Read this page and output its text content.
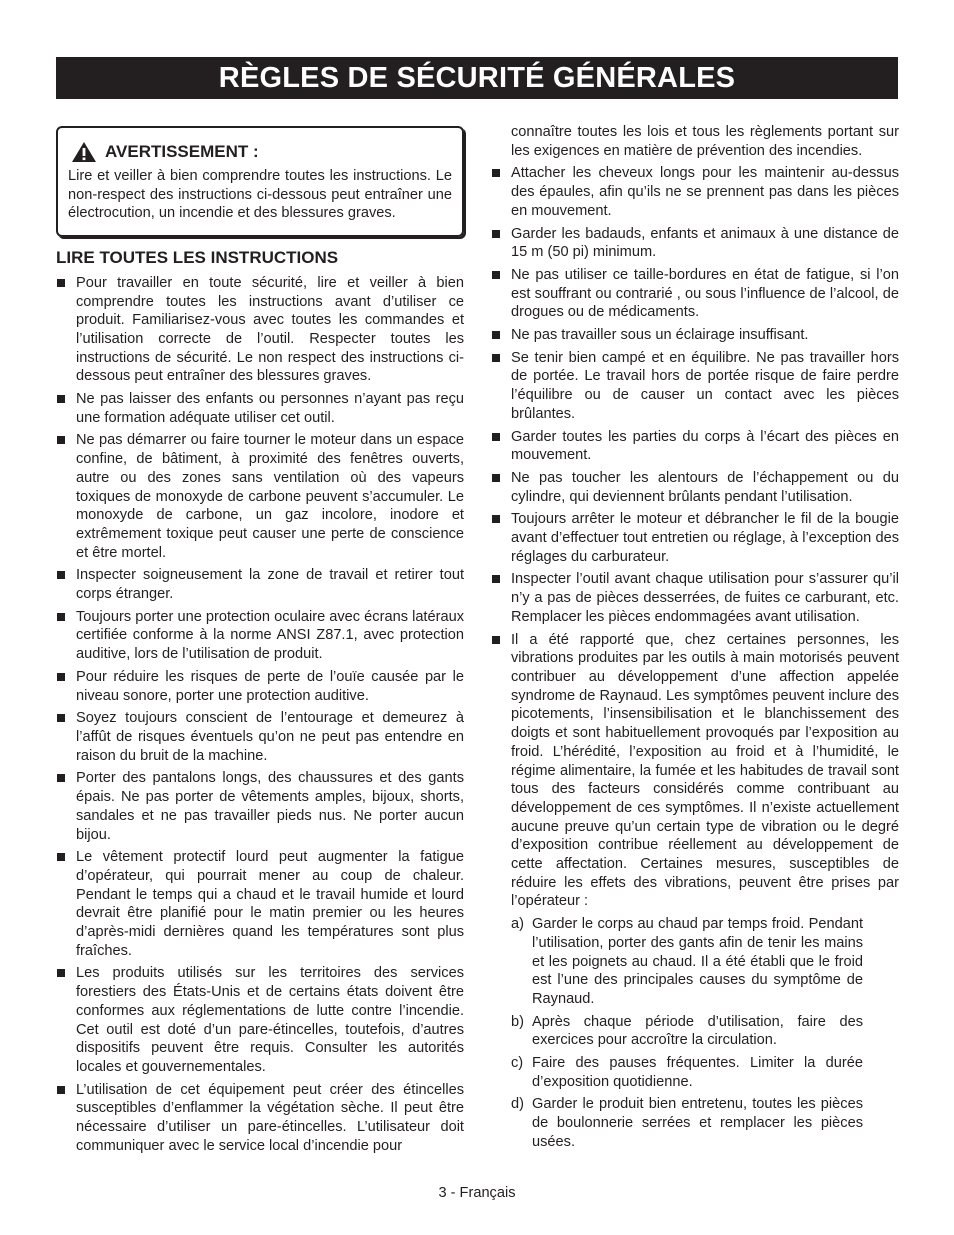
RÈGLES DE SÉCURITÉ GÉNÉRALES
AVERTISSEMENT :
Lire et veiller à bien comprendre toutes les instructions. Le non-respect des instructions ci-dessous peut entraîner une électrocution, un incendie et des blessures graves.
LIRE TOUTES LES INSTRUCTIONS
Pour travailler en toute sécurité, lire et veiller à bien comprendre toutes les instructions avant d’utiliser ce produit. Familiarisez-vous avec toutes les commandes et l’utilisation correcte de l’outil. Respecter toutes les instructions de sécurité. Le non respect des instructions ci-dessous peut entraîner des blessures graves.
Ne pas laisser des enfants ou personnes n’ayant pas reçu une formation adéquate utiliser cet outil.
Ne pas démarrer ou faire tourner le moteur dans un espace confine, de bâtiment, à proximité des fenêtres ouverts, autre ou des zones sans ventilation où des vapeurs toxiques de monoxyde de carbone peuvent s’accumuler. Le monoxyde de carbone, un gaz incolore, inodore et extrêmement toxique peut causer une perte de conscience et être mortel.
Inspecter soigneusement la zone de travail et retirer tout corps étranger.
Toujours porter une protection oculaire avec écrans latéraux certifiée conforme à la norme ANSI Z87.1, avec protection auditive, lors de l’utilisation de produit.
Pour réduire les risques de perte de l’ouïe causée par le niveau sonore, porter une protection auditive.
Soyez toujours conscient de l’entourage et demeurez à l’affût de risques éventuels qu’on ne peut pas entendre en raison du bruit de la machine.
Porter des pantalons longs, des chaussures et des gants épais. Ne pas porter de vêtements amples, bijoux, shorts, sandales et ne pas travailler pieds nus. Ne porter aucun bijou.
Le vêtement protectif lourd peut augmenter la fatigue d’opérateur, qui pourrait mener au coup de chaleur. Pendant le temps qui a chaud et le travail humide et lourd devrait être planifié pour le matin premier ou les heures d’après-midi dernières quand les températures sont plus fraîches.
Les produits utilisés sur les territoires des services forestiers des États-Unis et de certains états doivent être conformes aux réglementations de lutte contre l’incendie. Cet outil est doté d’un pare-étincelles, toutefois, d’autres dispositifs peuvent être requis. Consulter les autorités locales et gouvernementales.
L’utilisation de cet équipement peut créer des étincelles susceptibles d’enflammer la végétation sèche. Il peut être nécessaire d’utiliser un pare-étincelles. L’utilisateur doit communiquer avec le service local d’incendie pour
connaître toutes les lois et tous les règlements portant sur les exigences en matière de prévention des incendies.
Attacher les cheveux longs pour les maintenir au-dessus des épaules, afin qu’ils ne se prennent pas dans les pièces en mouvement.
Garder les badauds, enfants et animaux à une distance de 15 m (50 pi) minimum.
Ne pas utiliser ce taille-bordures en état de fatigue, si l’on est souffrant ou contrarié , ou sous l’influence de l’alcool, de drogues ou de médicaments.
Ne pas travailler sous un éclairage insuffisant.
Se tenir bien campé et en équilibre. Ne pas travailler hors de portée. Le travail hors de portée risque de faire perdre l’équilibre ou de causer un contact avec les pièces brûlantes.
Garder toutes les parties du corps à l’écart des pièces en mouvement.
Ne pas toucher les alentours de l’échappement ou du cylindre, qui deviennent brûlants pendant l’utilisation.
Toujours arrêter le moteur et débrancher le fil de la bougie avant d’effectuer tout entretien ou réglage, à l’exception des réglages du carburateur.
Inspecter l’outil avant chaque utilisation pour s’assurer qu’il n’y a pas de pièces desserrées, de fuites ce carburant, etc. Remplacer les pièces endommagées avant utilisation.
Il a été rapporté que, chez certaines personnes, les vibrations produites par les outils à main motorisés peuvent contribuer au développement d’une affection appelée syndrome de Raynaud. Les symptômes peuvent inclure des picotements, l’insensibilisation et le blanchissement des doigts et sont habituellement provoqués par l’exposition au froid. L’hérédité, l’exposition au froid et à l’humidité, le régime alimentaire, la fumée et les habitudes de travail sont tous des facteurs considérés comme contribuant au développement de ces symptômes. Il n’existe actuellement aucune preuve qu’un certain type de vibration ou le degré d’exposition contribue réellement au développement de cette affectation. Certaines mesures, susceptibles de réduire les effets des vibrations, peuvent être prises par l’opérateur :
a) Garder le corps au chaud par temps froid. Pendant l’utilisation, porter des gants afin de tenir les mains et les poignets au chaud. Il a été établi que le froid est l’une des principales causes du symptôme de Raynaud.
b) Après chaque période d’utilisation, faire des exercices pour accroître la circulation.
c) Faire des pauses fréquentes. Limiter la durée d’exposition quotidienne.
d) Garder le produit bien entretenu, toutes les pièces de boulonnerie serrées et remplacer les pièces usées.
3 - Français
